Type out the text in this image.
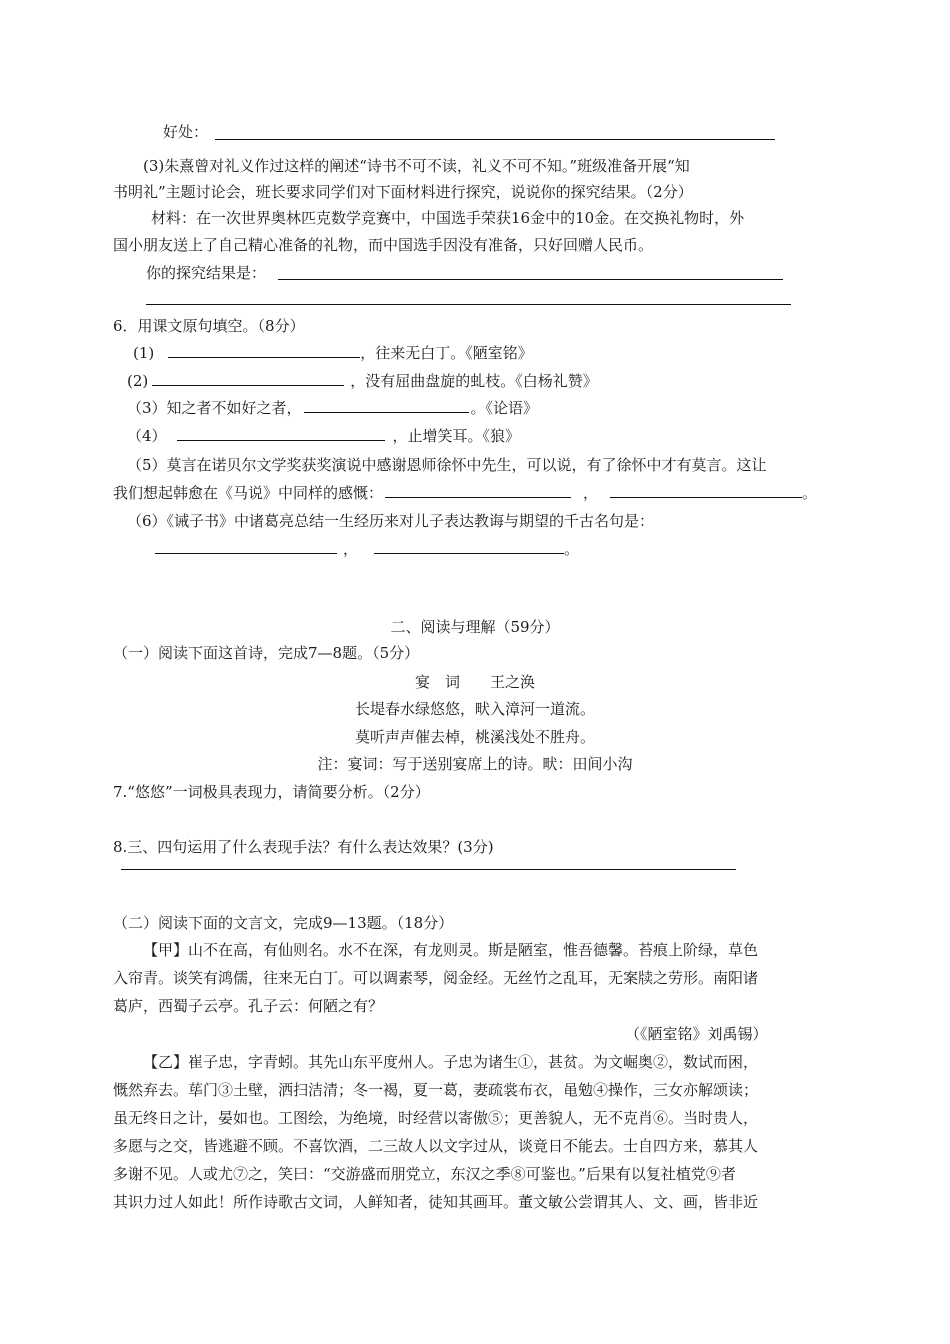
好处：
(3)朱熹曾对礼义作过这样的阐述“诗书不可不读，礼义不可不知。”班级准备开展“知
书明礼”主题讨论会，班长要求同学们对下面材料进行探究，说说你的探究结果。（2分）
材料：在一次世界奥林匹克数学竞赛中，中国选手荣获16金中的10金。在交换礼物时，外
国小朋友送上了自己精心准备的礼物，而中国选手因没有准备，只好回赠人民币。
你的探究结果是：
6．用课文原句填空。（8分）
(1)	，往来无白丁。《陋室铭》
(2)	，没有屈曲盘旋的虬枝。《白杨礼赞》
（3）知之者不如好之者，	。《论语》
（4）	，止增笑耳。《狼》
（5）莫言在诺贝尔文学奖获奖演说中感谢恩师徐怀中先生，可以说，有了徐怀中才有莫言。这让
我们想起韩愈在《马说》中同样的感慨：	，	。
（6）《诫子书》中诸葛亮总结一生经历来对儿子表达教诲与期望的千古名句是：
，	。
二、阅读与理解（59分）
（一）阅读下面这首诗，完成7—8题。（5分）
宴　词　　王之涣
长堤春水绿悠悠，畎入漳河一道流。
莫听声声催去棹，桃溪浅处不胜舟。
注：宴词：写于送别宴席上的诗。畎：田间小沟
7.“悠悠”一词极具表现力，请简要分析。（2分）
8.三、四句运用了什么表现手法？有什么表达效果？(3分)
（二）阅读下面的文言文，完成9—13题。（18分）
【甲】山不在高，有仙则名。水不在深，有龙则灵。斯是陋室，惟吾德馨。苔痕上阶绿，草色
入帘青。谈笑有鸿儒，往来无白丁。可以调素琴，阅金经。无丝竹之乱耳，无案牍之劳形。南阳诸
葛庐，西蜀子云亭。孔子云：何陋之有？
（《陋室铭》刘禹锡）
【乙】崔子忠，字青蚓。其先山东平度州人。子忠为诸生①，甚贫。为文崛奥②，数试而困，
慨然弃去。荜门③土壁，洒扫洁清；冬一褐，夏一葛，妻疏裳布衣，黾勉④操作，三女亦解颂读；
虽无终日之计，晏如也。工图绘，为绝境，时经营以寄傲⑤；更善貌人，无不克肖⑥。当时贵人，
多愿与之交，皆逃避不顾。不喜饮酒，二三故人以文字过从，谈竟日不能去。士自四方来，慕其人
多谢不见。人或尤⑦之，笑曰：“交游盛而朋党立，东汉之季⑧可鉴也。”后果有以复社植党⑨者
其识力过人如此！所作诗歌古文词，人鲜知者，徒知其画耳。董文敏公尝谓其人、文、画，皆非近
